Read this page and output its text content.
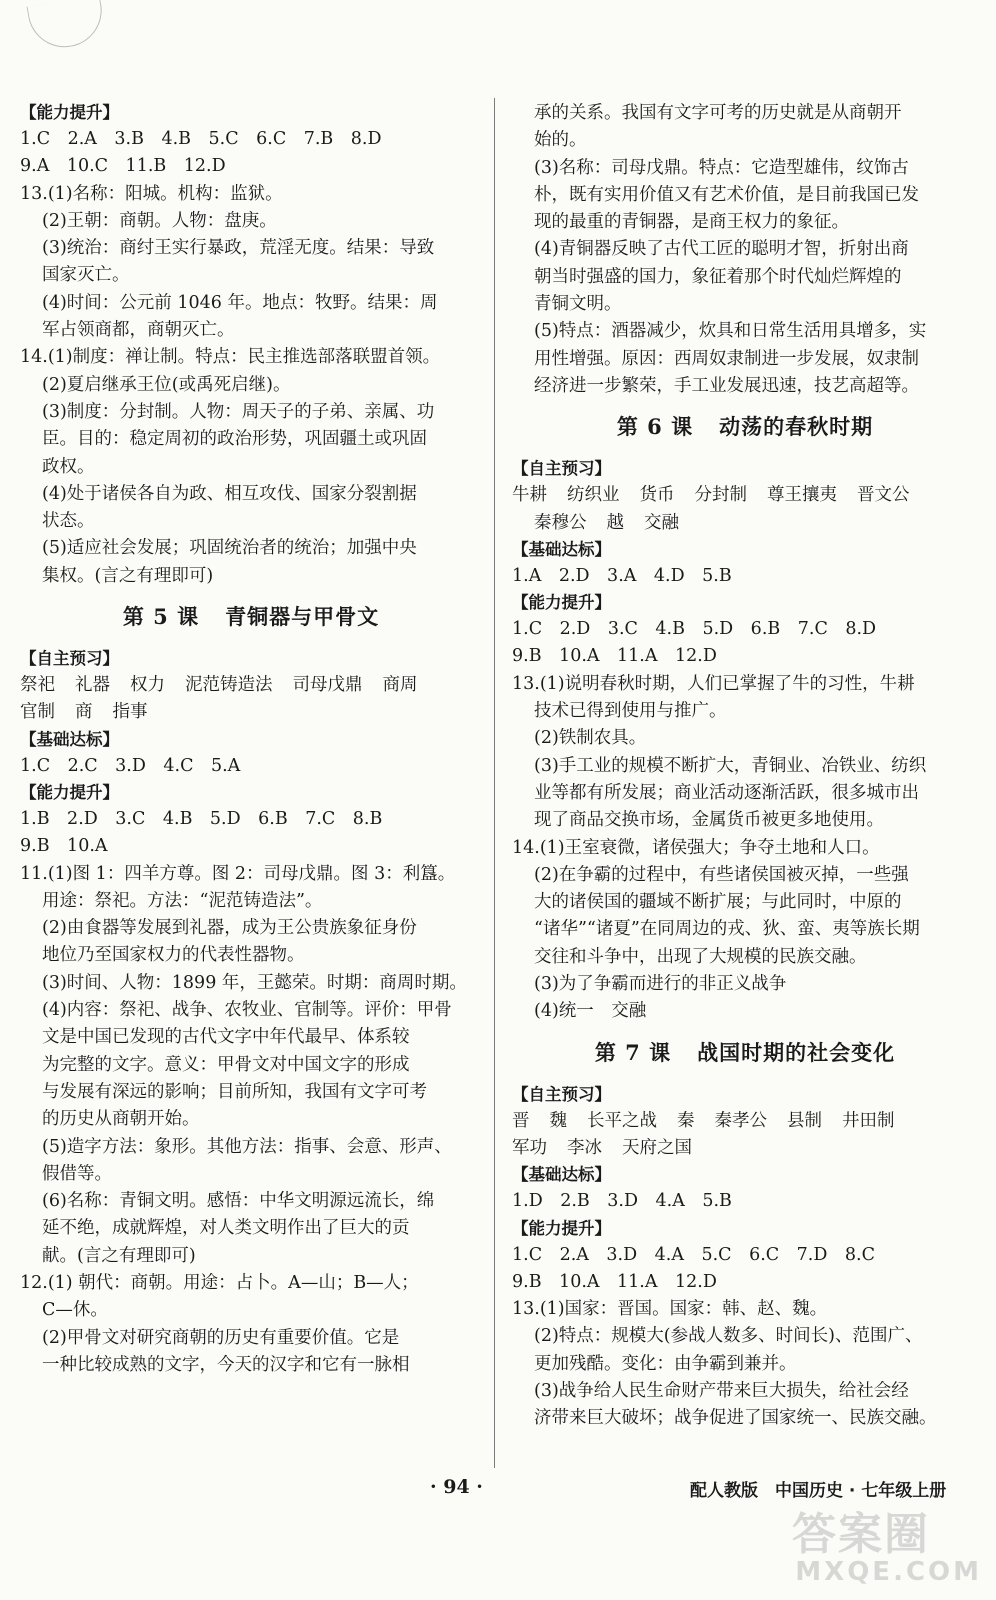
【能力提升】
1.C　2.A　3.B　4.B　5.C　6.C　7.B　8.D
9.A　10.C　11.B　12.D
13.(1)名称：阳城。机构：监狱。
(2)王朝：商朝。人物：盘庚。
(3)统治：商纣王实行暴政，荒淫无度。结果：导致
国家灭亡。
(4)时间：公元前 1046 年。地点：牧野。结果：周
军占领商都，商朝灭亡。
14.(1)制度：禅让制。特点：民主推选部落联盟首领。
(2)夏启继承王位(或禹死启继)。
(3)制度：分封制。人物：周天子的子弟、亲属、功
臣。目的：稳定周初的政治形势，巩固疆土或巩固
政权。
(4)处于诸侯各自为政、相互攻伐、国家分裂割据
状态。
(5)适应社会发展；巩固统治者的统治；加强中央
集权。(言之有理即可)
第 5 课 青铜器与甲骨文
【自主预习】
祭祀 礼器 权力 泥范铸造法 司母戊鼎 商周
官制 商 指事
【基础达标】
1.C　2.C　3.D　4.C　5.A
【能力提升】
1.B　2.D　3.C　4.B　5.D　6.B　7.C　8.B
9.B　10.A
11.(1)图 1：四羊方尊。图 2：司母戊鼎。图 3：利簋。
用途：祭祀。方法：“泥范铸造法”。
(2)由食器等发展到礼器，成为王公贵族象征身份
地位乃至国家权力的代表性器物。
(3)时间、人物：1899 年，王懿荣。时期：商周时期。
(4)内容：祭祀、战争、农牧业、官制等。评价：甲骨
文是中国已发现的古代文字中年代最早、体系较
为完整的文字。意义：甲骨文对中国文字的形成
与发展有深远的影响；目前所知，我国有文字可考
的历史从商朝开始。
(5)造字方法：象形。其他方法：指事、会意、形声、
假借等。
(6)名称：青铜文明。感悟：中华文明源远流长，绵
延不绝，成就辉煌，对人类文明作出了巨大的贡
献。(言之有理即可)
12.(1) 朝代：商朝。用途：占卜。A—山；B—人；
C—休。
(2)甲骨文对研究商朝的历史有重要价值。它是
一种比较成熟的文字，今天的汉字和它有一脉相
承的关系。我国有文字可考的历史就是从商朝开
始的。
(3)名称：司母戊鼎。特点：它造型雄伟，纹饰古
朴，既有实用价值又有艺术价值，是目前我国已发
现的最重的青铜器，是商王权力的象征。
(4)青铜器反映了古代工匠的聪明才智，折射出商
朝当时强盛的国力，象征着那个时代灿烂辉煌的
青铜文明。
(5)特点：酒器减少，炊具和日常生活用具增多，实
用性增强。原因：西周奴隶制进一步发展，奴隶制
经济进一步繁荣，手工业发展迅速，技艺高超等。
第 6 课 动荡的春秋时期
【自主预习】
牛耕 纺织业 货币 分封制 尊王攘夷 晋文公
秦穆公 越 交融
【基础达标】
1.A　2.D　3.A　4.D　5.B
【能力提升】
1.C　2.D　3.C　4.B　5.D　6.B　7.C　8.D
9.B　10.A　11.A　12.D
13.(1)说明春秋时期，人们已掌握了牛的习性，牛耕
技术已得到使用与推广。
(2)铁制农具。
(3)手工业的规模不断扩大，青铜业、冶铁业、纺织
业等都有所发展；商业活动逐渐活跃，很多城市出
现了商品交换市场，金属货币被更多地使用。
14.(1)王室衰微，诸侯强大；争夺土地和人口。
(2)在争霸的过程中，有些诸侯国被灭掉，一些强
大的诸侯国的疆域不断扩展；与此同时，中原的
“诸华”“诸夏”在同周边的戎、狄、蛮、夷等族长期
交往和斗争中，出现了大规模的民族交融。
(3)为了争霸而进行的非正义战争
(4)统一　交融
第 7 课 战国时期的社会变化
【自主预习】
晋 魏 长平之战 秦 秦孝公 县制 井田制
军功 李冰 天府之国
【基础达标】
1.D　2.B　3.D　4.A　5.B
【能力提升】
1.C　2.A　3.D　4.A　5.C　6.C　7.D　8.C
9.B　10.A　11.A　12.D
13.(1)国家：晋国。国家：韩、赵、魏。
(2)特点：规模大(参战人数多、时间长)、范围广、
更加残酷。变化：由争霸到兼并。
(3)战争给人民生命财产带来巨大损失，给社会经
济带来巨大破坏；战争促进了国家统一、民族交融。
· 94 ·	配人教版　中国历史 · 七年级上册
答案圈
MXQE.COM
